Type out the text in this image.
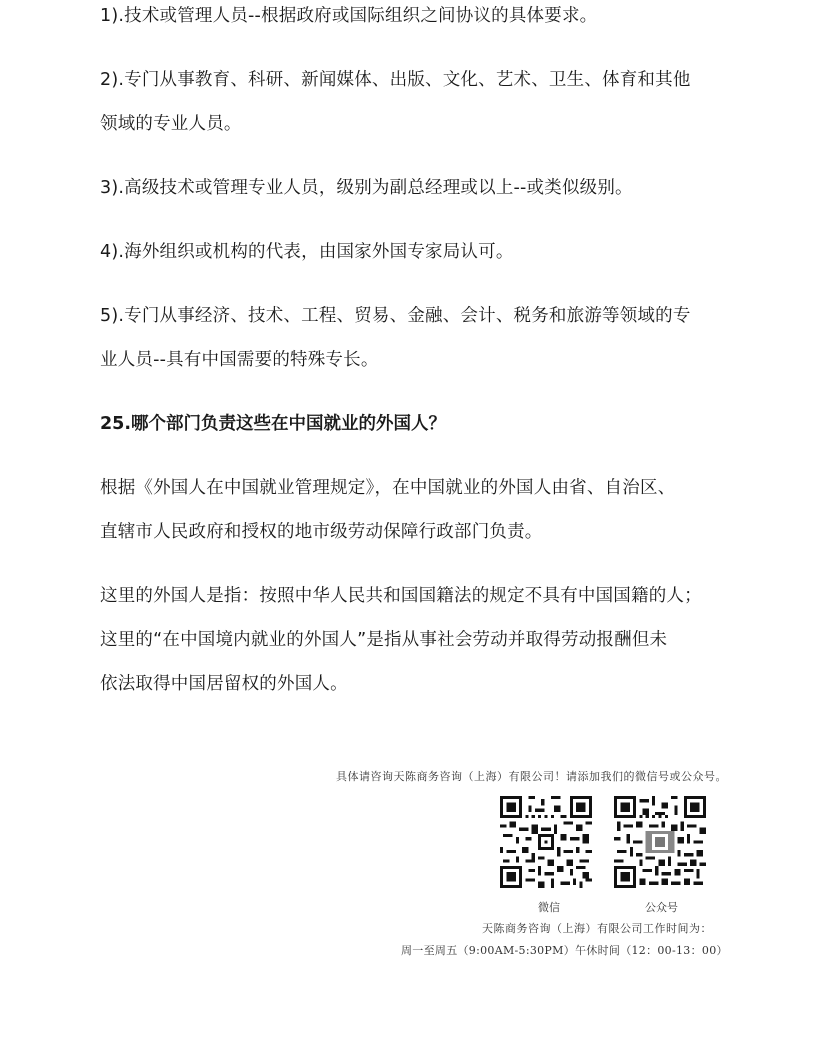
1).技术或管理人员--根据政府或国际组织之间协议的具体要求。

2).专门从事教育、科研、新闻媒体、出版、文化、艺术、卫生、体育和其他

领域的专业人员。

3).高级技术或管理专业人员，级别为副总经理或以上--或类似级别。

4).海外组织或机构的代表，由国家外国专家局认可。

5).专门从事经济、技术、工程、贸易、金融、会计、税务和旅游等领域的专

业人员--具有中国需要的特殊专长。

25.哪个部门负责这些在中国就业的外国人？

根据《外国人在中国就业管理规定》，在中国就业的外国人由省、自治区、

直辖市人民政府和授权的地市级劳动保障行政部门负责。

这里的外国人是指：按照中华人民共和国国籍法的规定不具有中国国籍的人；

这里的“在中国境内就业的外国人”是指从事社会劳动并取得劳动报酬但未

依法取得中国居留权的外国人。

具体请咨询天陈商务咨询（上海）有限公司！请添加我们的微信号或公众号。
微信	公众号
天陈商务咨询（上海）有限公司工作时间为：
周一至周五（9:00AM-5:30PM）午休时间（12：00-13：00）
